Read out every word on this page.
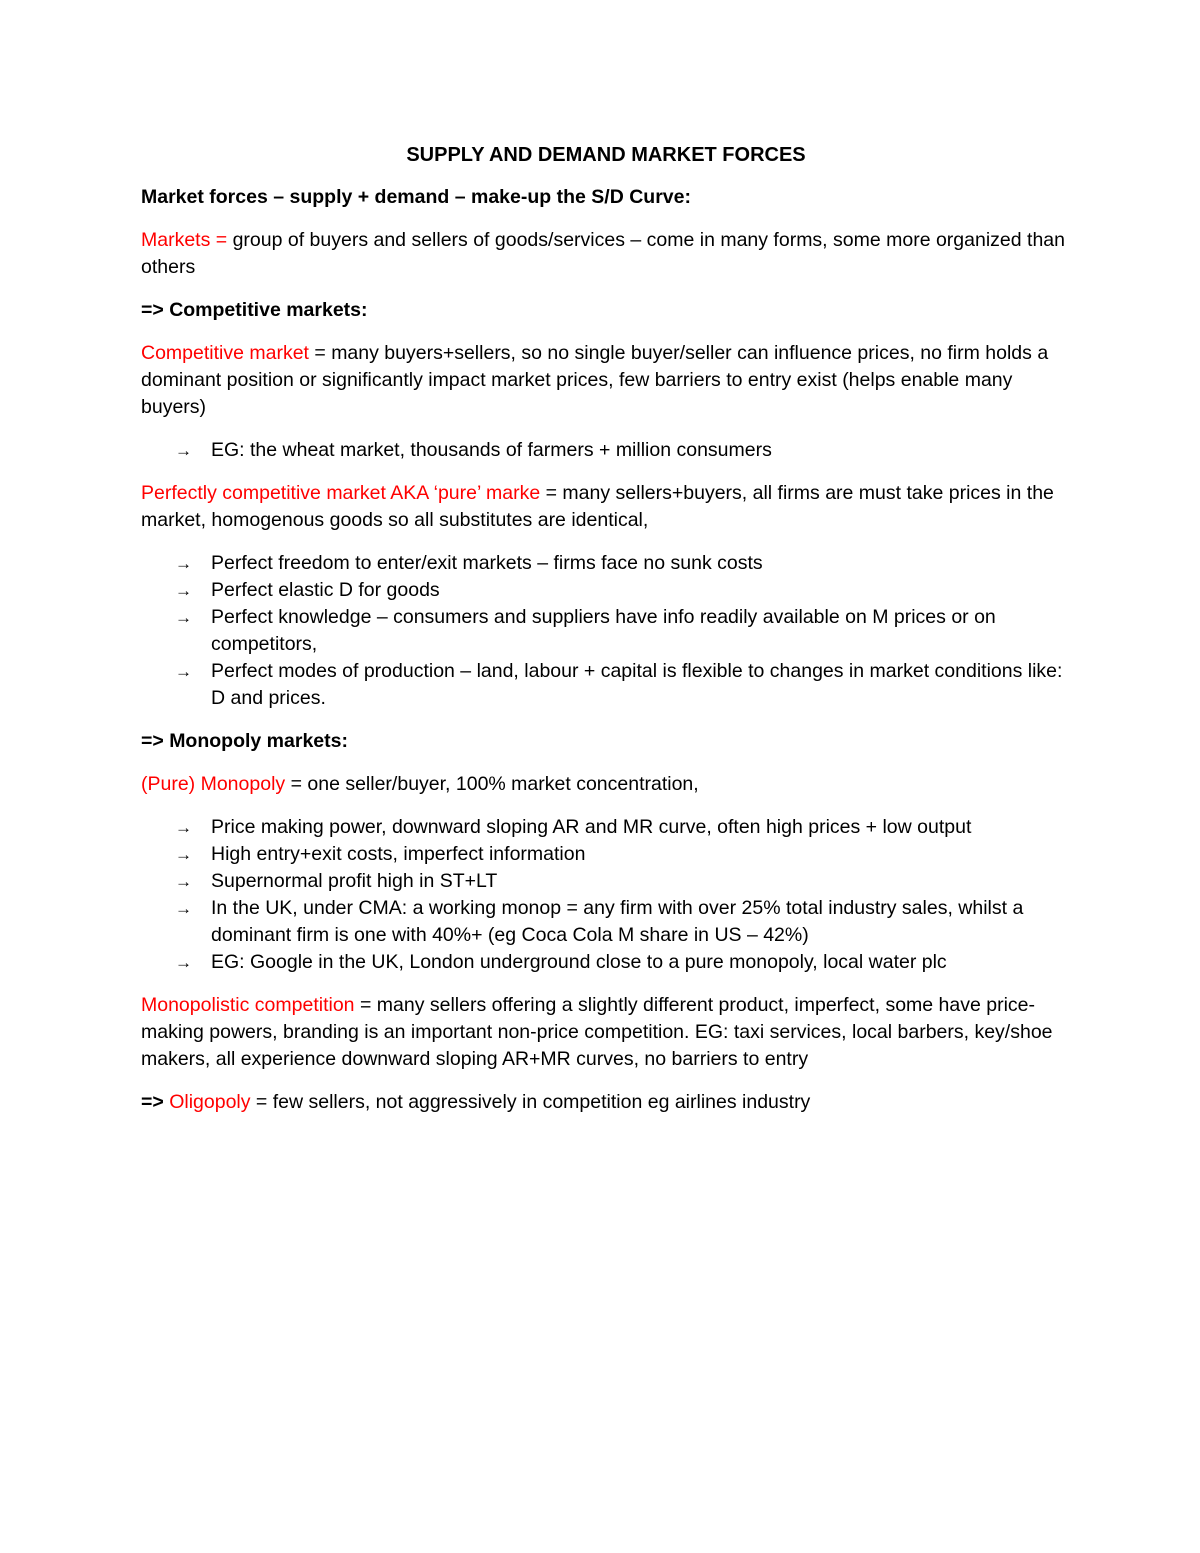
SUPPLY AND DEMAND MARKET FORCES

Market forces – supply + demand – make-up the S/D Curve:

Markets = group of buyers and sellers of goods/services – come in many forms, some more organized than others

=> Competitive markets:

Competitive market = many buyers+sellers, so no single buyer/seller can influence prices, no firm holds a dominant position or significantly impact market prices, few barriers to entry exist (helps enable many buyers)

→ EG: the wheat market, thousands of farmers + million consumers

Perfectly competitive market AKA ‘pure’ marke = many sellers+buyers, all firms are must take prices in the market, homogenous goods so all substitutes are identical,

→ Perfect freedom to enter/exit markets – firms face no sunk costs
→ Perfect elastic D for goods
→ Perfect knowledge – consumers and suppliers have info readily available on M prices or on competitors,
→ Perfect modes of production – land, labour + capital is flexible to changes in market conditions like: D and prices.

=> Monopoly markets:

(Pure) Monopoly = one seller/buyer, 100% market concentration,

→ Price making power, downward sloping AR and MR curve, often high prices + low output
→ High entry+exit costs, imperfect information
→ Supernormal profit high in ST+LT
→ In the UK, under CMA: a working monop = any firm with over 25% total industry sales, whilst a dominant firm is one with 40%+ (eg Coca Cola M share in US – 42%)
→ EG: Google in the UK, London underground close to a pure monopoly, local water plc

Monopolistic competition = many sellers offering a slightly different product, imperfect, some have price-making powers, branding is an important non-price competition. EG: taxi services, local barbers, key/shoe makers, all experience downward sloping AR+MR curves, no barriers to entry

=> Oligopoly = few sellers, not aggressively in competition eg airlines industry
